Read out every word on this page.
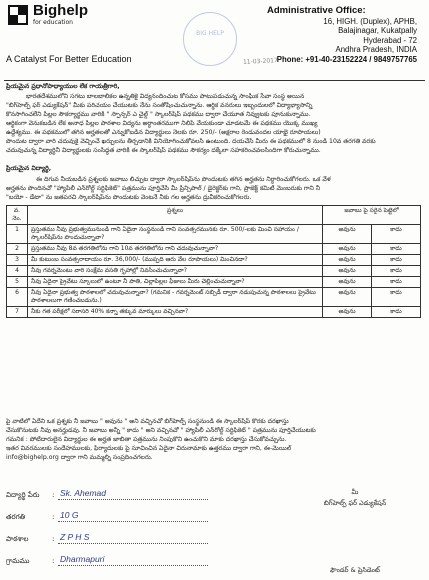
Bighelp
for education
A Catalyst For Better Education
BIG HELP
11-03-2017
Administrative Office:
16, HIGH. (Duplex), APHB,
Balajinagar, Kukatpally
Hyderabad - 72
Andhra Pradesh, INDIA
Phone: +91-40-23152224 / 9849757765
ప్రియమైన ప్రధానోపాధ్యాయుల లేక గాయత్రీగారి,
భారతదేశములోని సగటు బాలబాలికల ఉన్నతికై విద్యనందించుట కోసము పాటుపడుచున్న సాంఘిక సేవా సంస్థ అయిన
"బిగ్‌హెల్ప్ ఫర్ ఎడ్యుకేషన్" మీకు పరిచయం చేయుటకు నేను సంతోషించుచున్నాను. ఆర్థిక వనరులు ఇబ్బందులలో విద్యాభ్యాసాన్ని
కొనసాగించలేని పిల్లల సౌకర్యార్థము వారికి " స్పాన్సర్ ఎ చైల్డ్ " స్కాలర్‌షిప్ పథకము ద్వారా చేయూత నివ్వుటకు పూనుకున్నాము.
ఆర్థికంగా వెనుకబడిన లేక అనాధ పిల్లల పాఠశాల విద్యను అర్ధాంతరముగా నిలిపి వేయకుండా చూడటమే ఈ పథకము యొక్క ముఖ్య
ఉద్దేశ్యము. ఈ పథకములో తగిన అర్హతలతో ఎన్నుకోబడిన విద్యార్థులు నెలకు రూ. 250/- (అక్షరాల రెండువందల యాభై రూపాయలు)
పొందుట ద్వారా వారి చదువుకై వెచ్చించే ఖర్చులను తీర్చడానికి వినియోగించుకోవలసి ఉంటుంది. దయచేసి మీరు ఈ పథకములో 8 నుండి 10వ తరగతి వరకు
చదువుచున్న విద్యార్థినీ విద్యార్థులకు సంసిద్ధత వారికి ఈ స్కాలర్‌షిప్ పథకము సౌకర్యం దక్కేలా సహకరించవలసిందిగా కోరుచున్నాము.
ప్రియమైన విద్యార్థి,
ఈ దిగువ నీయబడిన ప్రశ్నలకు జవాబు లిచ్చుట ద్వారా స్కాలర్‌షిప్‌ను పొందుటకు తగిన అర్హతను నిర్ధారించుకోగలరు. ఒక వేళ
అర్హతను పొందినచో "హ్యాపిలీ ఎన్‌రోల్డ్ సర్టిఫికెట్" పత్రమును పూర్తిచేసి మీ ప్రిన్సిపాల్ / డైరెక్టర్‌కు గాని, ప్రాజెక్ట్ కమిటీ మెంబరుకు గాని నీ
"బయో - డేటా" ను జతపరచి స్కాలర్‌షిప్‌ను పొందుటకు వెంటనే నీకు గల అర్హతను ద్రువీకరించుకోగలరు.
వ. నెం.	ప్రశ్నలు	జవాబు పై సరైన పెట్టెలో	
1	ప్రస్తుతము నీవు ప్రభుత్వమునుండి గాని ఏదైనా సంస్థనుండి గాని సంవత్సరమునకు రూ. 500/-లకు మించి సహాయం / స్కాలర్‌షిప్‌ను పొందుచున్నావా?	అవును	కాదు
2	ప్రస్తుతము నీవు 8వ తరగతిలోను గాని 10వ తరగతిలోను గాని చదువుచున్నావా?	అవును	కాదు
3	మీ కుటుంబ సంవత్సరాదాయం రూ. 36,000/- (ముప్పది ఆరు వేల రూపాయలు) మించినదా?	అవును	కాదు
4	నీవు గవర్నమెంటు వారి సంక్షేమ వసతి గృహాల్లో నివసించుచున్నావా?	అవును	కాదు
5	నీవు ఏదైనా ప్రైవేటు స్కూలులో ఉంటూ నీ పాతి, చిల్లాపిల్లల ఫీజులు మీరు చెల్లించుచున్నావా?	అవును	కాదు
6	నీవు ఏదైనా ప్రభుత్వ పాఠశాలలో చదువుచున్నావా? (గమనిక - గవర్నమెంట్ సబ్సిడీ ద్వారా నడుపుచున్న పాఠశాలలు ప్రైవేటు పాఠశాలలుగా గణించబడును.)	అవును	కాదు
7	నీకు గత పరీక్షలో సరాసరి 40% కన్నా తక్కువ మార్కులు వచ్చినవా?	అవును	కాదు
పై వాటిలో ఏదేని ఒక ప్రశ్నకు నీ జవాబు " అవును " అని వచ్చినచో బిగ్‌హెల్ప్ సంస్థనుండి ఈ స్కాలర్‌షిప్ కొరకు దరఖాస్తు
చేసుకొనుటకు నీవు అనర్హుడవు. నీ జవాబు అన్నీ " కాదు " అని వచ్చినచో " హ్యాపిలీ ఎన్‌రోల్డ్ సర్టిఫికెట్ " పత్రమును పూర్తిచేయుటకు
గమనిక : పోటీదారులైన విద్యార్థుల ఈ అర్హత జాబితా పత్రమును నింపుకొని ఉంచుకొని మాకు దరఖాస్తు చేసుకోవచ్చును.
ఇతర వివరములకు సందేహములకు, ఫిర్యాదులకు పై సూచించిన ఏదైనా చిరునామాకు ఉత్తరము ద్వారా గాని, ఈ-మెయిల్
info@bighelp.org ద్వారా గాని మమ్మల్ని సంప్రదించగలరు.
విద్యార్థి పేరు : Sk. Ahemad
తరగతి	: 10 G
పాఠశాల	: Z P H S
గ్రామము	: Dharmapuri
మీ
బిగ్‌హెల్ప్ ఫర్ ఎడ్యుకేషన్
ఫౌండర్ & ప్రెసిడెంట్
